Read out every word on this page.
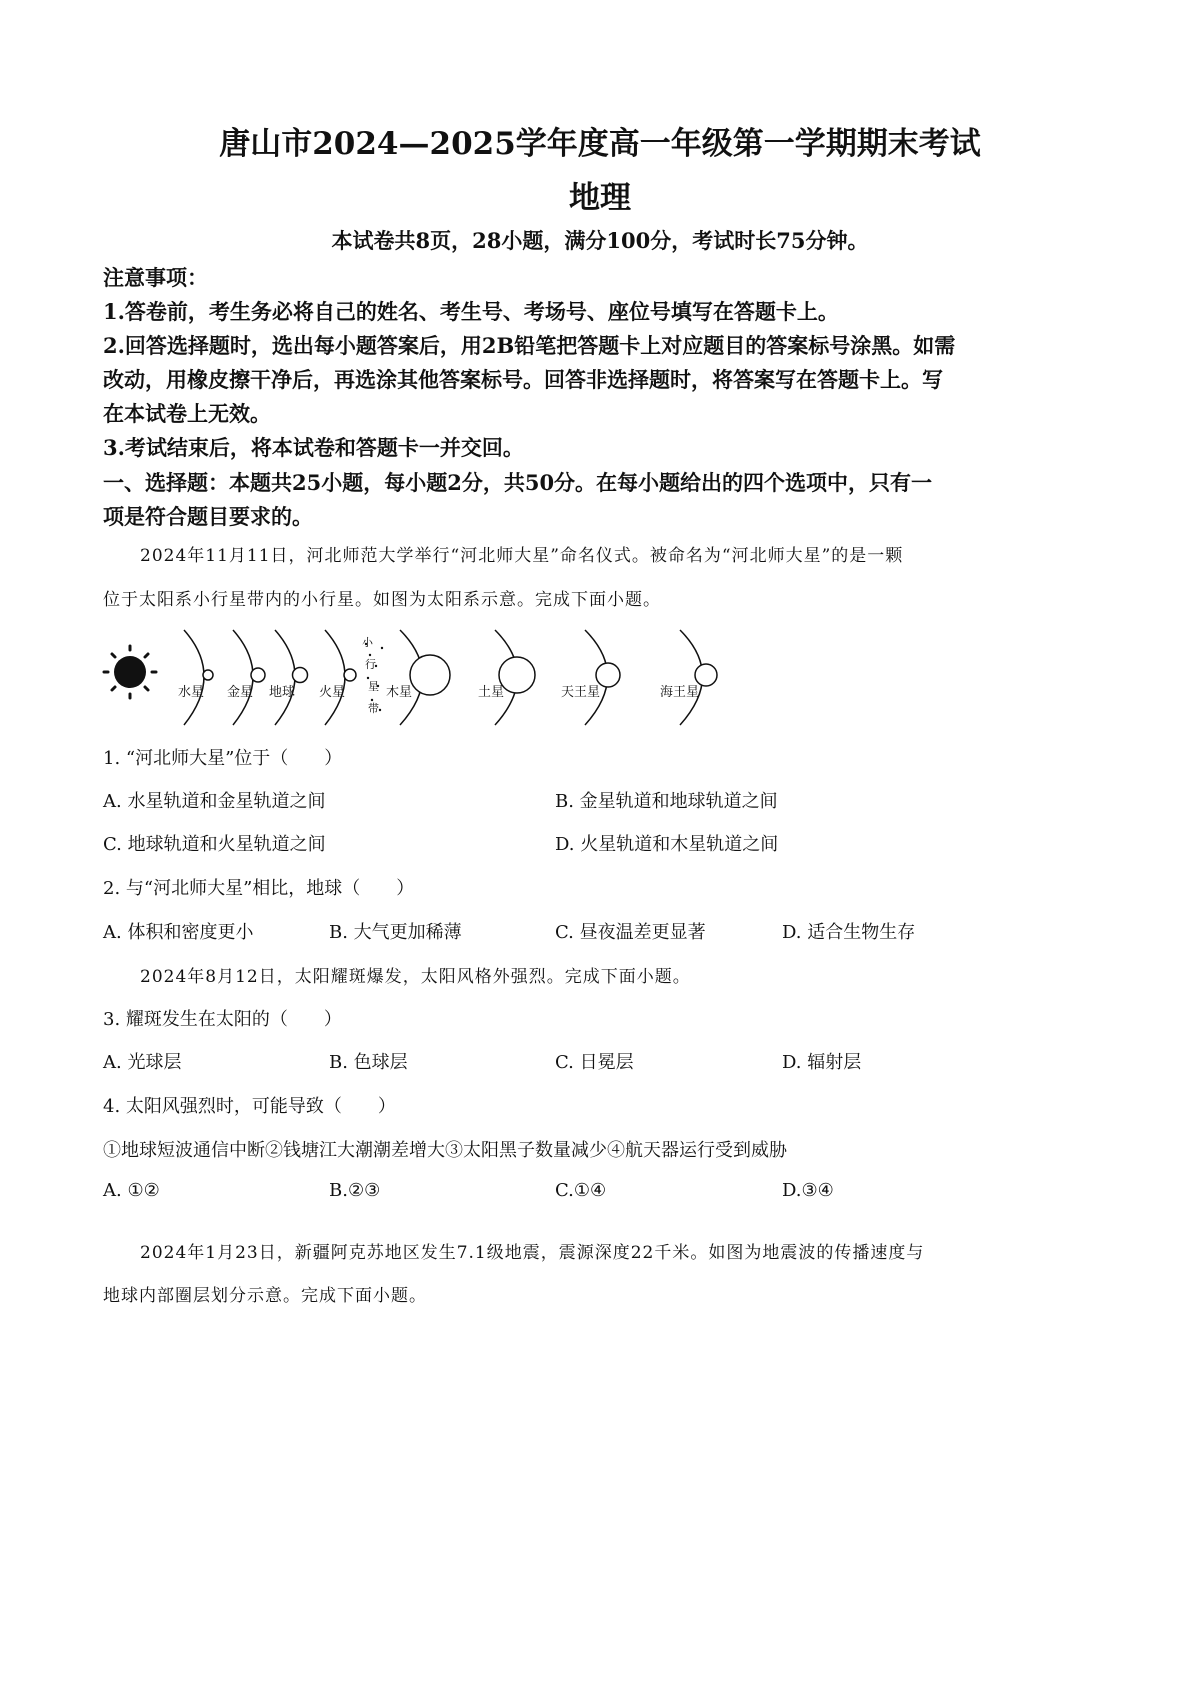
唐山市2024—2025学年度高一年级第一学期期末考试
地理
本试卷共8页，28小题，满分100分，考试时长75分钟。
注意事项：
1.答卷前，考生务必将自己的姓名、考生号、考场号、座位号填写在答题卡上。
2.回答选择题时，选出每小题答案后，用2B铅笔把答题卡上对应题目的答案标号涂黑。如需
改动，用橡皮擦干净后，再选涂其他答案标号。回答非选择题时，将答案写在答题卡上。写
在本试卷上无效。
3.考试结束后，将本试卷和答题卡一并交回。
一、选择题：本题共25小题，每小题2分，共50分。在每小题给出的四个选项中，只有一
项是符合题目要求的。
2024年11月11日，河北师范大学举行“河北师大星”命名仪式。被命名为“河北师大星”的是一颗
位于太阳系小行星带内的小行星。如图为太阳系示意。完成下面小题。
小
行
星
带
水星 金星 地球 火星	木星	土星	天王星	海王星
1. “河北师大星”位于（　　）
A. 水星轨道和金星轨道之间	B. 金星轨道和地球轨道之间
C. 地球轨道和火星轨道之间	D. 火星轨道和木星轨道之间
2. 与“河北师大星”相比，地球（　　）
A. 体积和密度更小	B. 大气更加稀薄	C. 昼夜温差更显著	D. 适合生物生存
2024年8月12日，太阳耀斑爆发，太阳风格外强烈。完成下面小题。
3. 耀斑发生在太阳的（　　）
A. 光球层	B. 色球层	C. 日冕层	D. 辐射层
4. 太阳风强烈时，可能导致（　　）
①地球短波通信中断②钱塘江大潮潮差增大③太阳黑子数量减少④航天器运行受到威胁
A. ①②	B.②③	C.①④	D.③④
2024年1月23日，新疆阿克苏地区发生7.1级地震，震源深度22千米。如图为地震波的传播速度与
地球内部圈层划分示意。完成下面小题。
